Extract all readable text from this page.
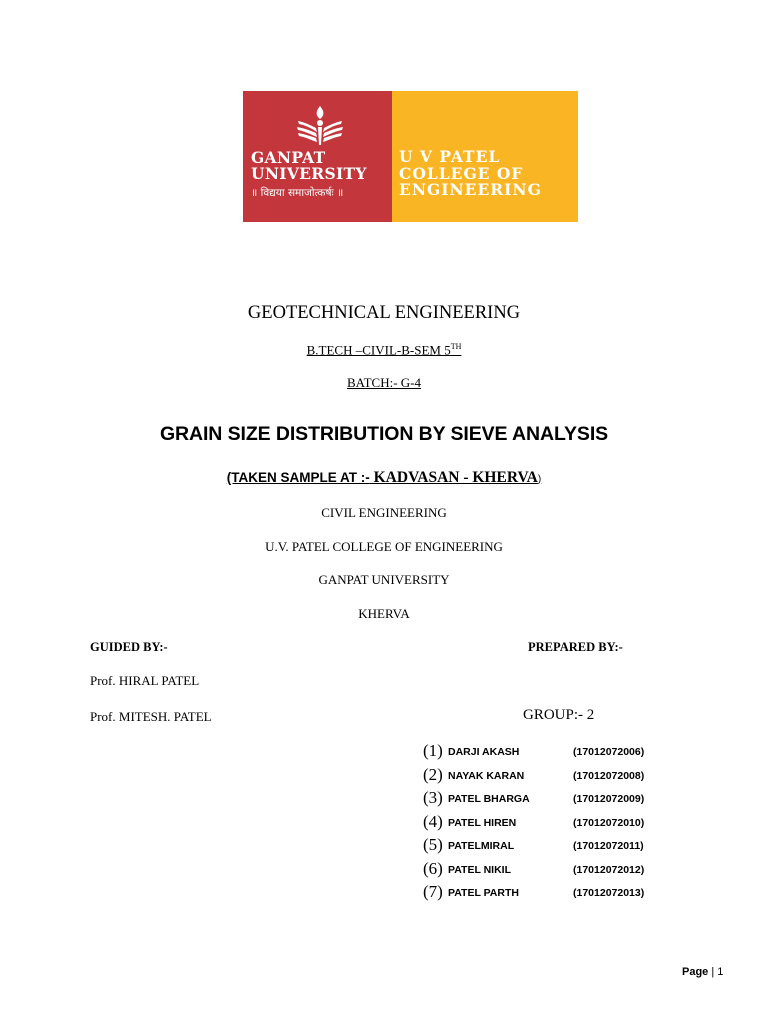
GANPAT
UNIVERSITY
॥ विद्यया समाजोत्कर्षः ॥
U V PATEL
COLLEGE OF
ENGINEERING
GEOTECHNICAL ENGINEERING
B.TECH –CIVIL-B-SEM 5TH
BATCH:- G-4
GRAIN SIZE DISTRIBUTION BY SIEVE ANALYSIS
(TAKEN SAMPLE AT :- KADVASAN - KHERVA)
CIVIL ENGINEERING
U.V. PATEL COLLEGE OF ENGINEERING
GANPAT UNIVERSITY
KHERVA
GUIDED BY:-	PREPARED BY:-
Prof. HIRAL PATEL
Prof. MITESH. PATEL	GROUP:- 2
(1) DARJI AKASH	(17012072006)
(2) NAYAK KARAN	(17012072008)
(3) PATEL BHARGA	(17012072009)
(4) PATEL HIREN	(17012072010)
(5) PATELMIRAL	(17012072011)
(6) PATEL NIKIL	(17012072012)
(7) PATEL PARTH	(17012072013)
Page | 1
